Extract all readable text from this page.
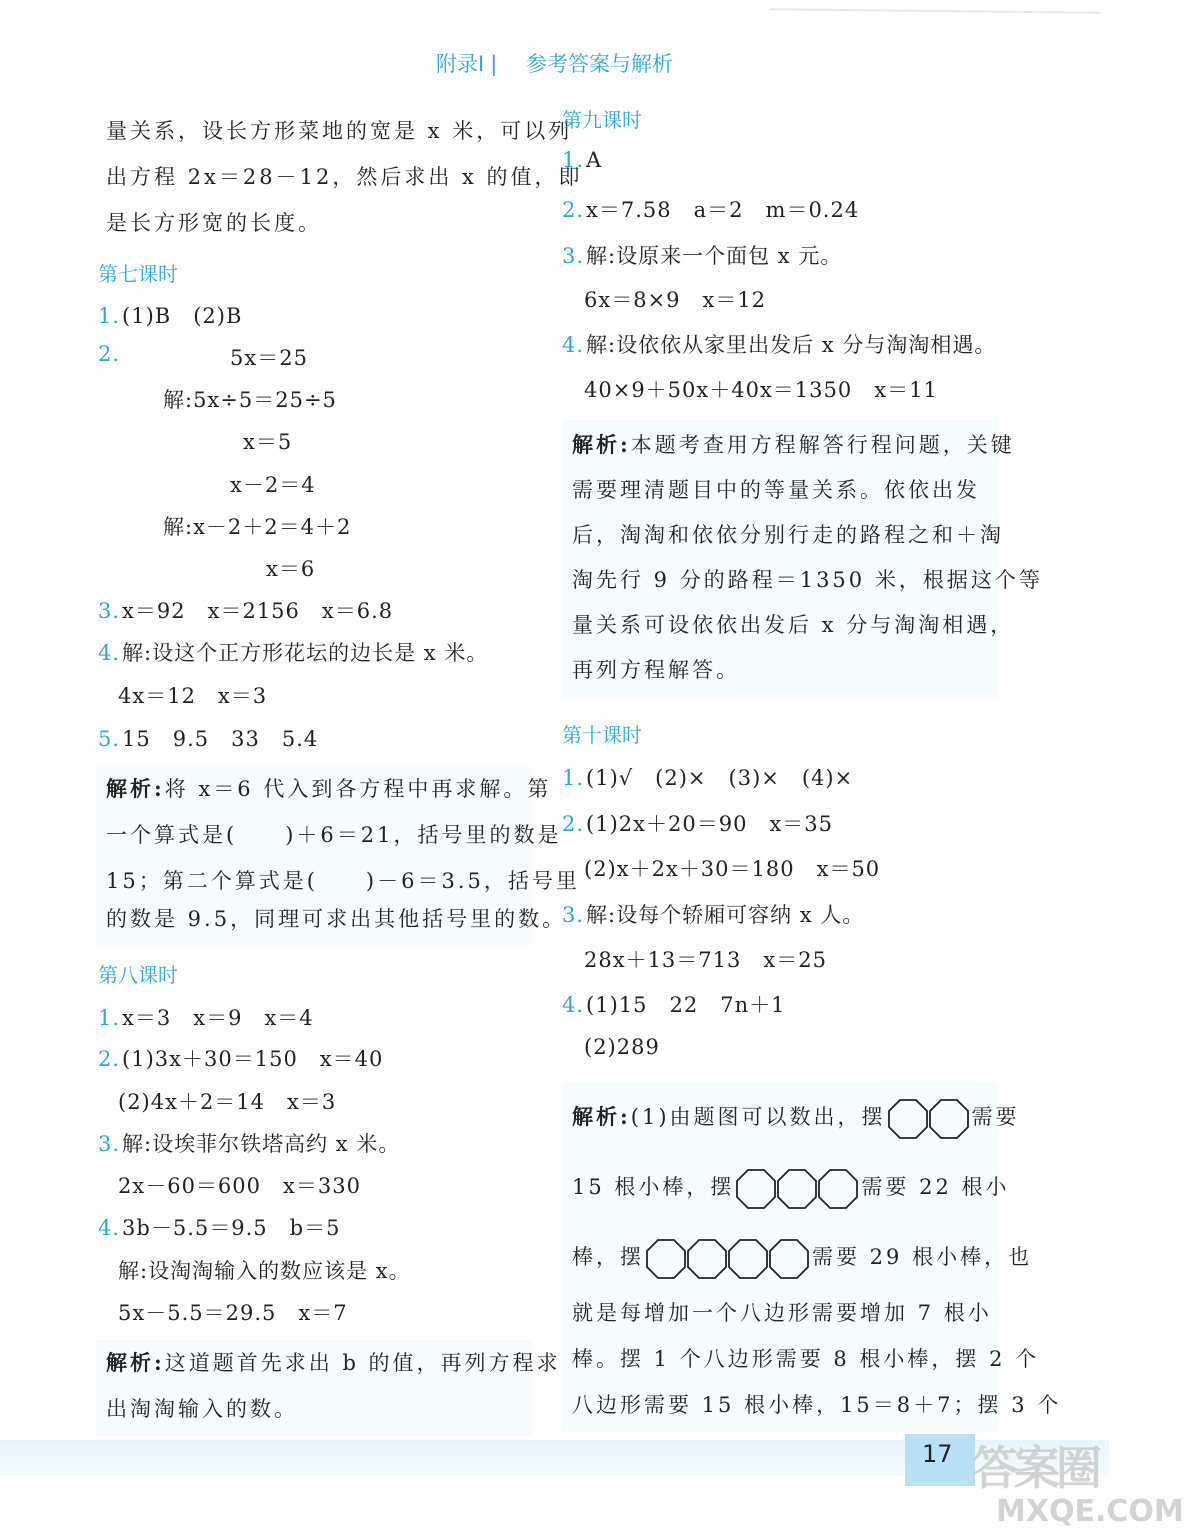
附录Ⅰ | 参考答案与解析
量关系，设长方形菜地的宽是 x 米，可以列
出方程 2x＝28－12，然后求出 x 的值，即
是长方形宽的长度。
第七课时
1.(1)B　(2)B
2.	5x＝25
解:5x÷5＝25÷5
x＝5
x－2＝4
解:x－2＋2＝4＋2
x＝6
3.x＝92　x＝2156　x＝6.8
4.解:设这个正方形花坛的边长是 x 米。
4x＝12　x＝3
5.15　9.5　33　5.4
解析:将 x＝6 代入到各方程中再求解。第
一个算式是(　　)＋6＝21，括号里的数是
15；第二个算式是(　　)－6＝3.5，括号里
的数是 9.5，同理可求出其他括号里的数。
第八课时
1.x＝3　x＝9　x＝4
2.(1)3x＋30＝150　x＝40
(2)4x＋2＝14　x＝3
3.解:设埃菲尔铁塔高约 x 米。
2x－60＝600　x＝330
4.3b－5.5＝9.5　b＝5
解:设淘淘输入的数应该是 x。
5x－5.5＝29.5　x＝7
解析:这道题首先求出 b 的值，再列方程求
出淘淘输入的数。
第九课时
1.A
2.x＝7.58　a＝2　m＝0.24
3.解:设原来一个面包 x 元。
6x＝8×9　x＝12
4.解:设依依从家里出发后 x 分与淘淘相遇。
40×9＋50x＋40x＝1350　x＝11
解析:本题考查用方程解答行程问题，关键
需要理清题目中的等量关系。依依出发
后，淘淘和依依分别行走的路程之和＋淘
淘先行 9 分的路程＝1350 米，根据这个等
量关系可设依依出发后 x 分与淘淘相遇，
再列方程解答。
第十课时
1.(1)√　(2)×　(3)×　(4)×
2.(1)2x＋20＝90　x＝35
(2)x＋2x＋30＝180　x＝50
3.解:设每个轿厢可容纳 x 人。
28x＋13＝713　x＝25
4.(1)15　22　7n＋1
(2)289
解析:(1)由题图可以数出，摆	需要
15 根小棒，摆	需要 22 根小
棒，摆	需要 29 根小棒，也
就是每增加一个八边形需要增加 7 根小
棒。摆 1 个八边形需要 8 根小棒，摆 2 个
八边形需要 15 根小棒，15＝8＋7；摆 3 个
17 答案圈
MXQE.COM
